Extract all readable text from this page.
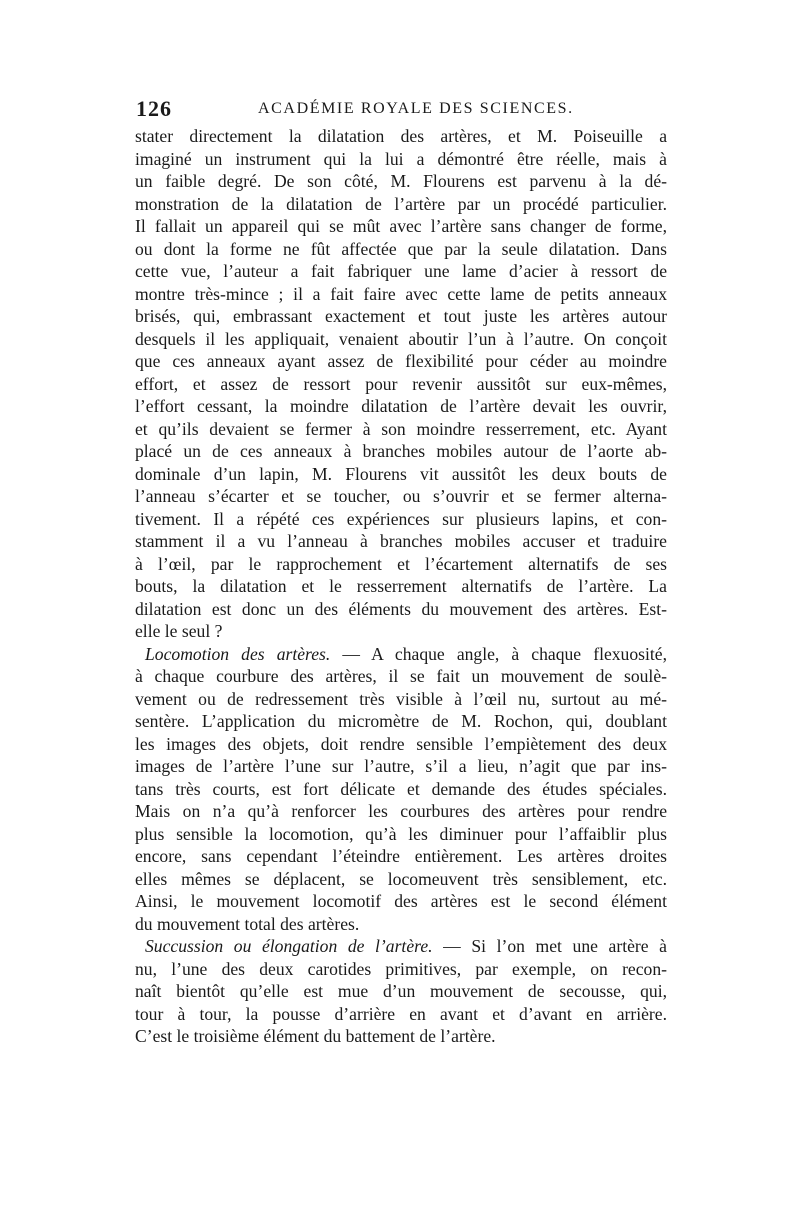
126	ACADÉMIE ROYALE DES SCIENCES.
stater directement la dilatation des artères, et M. Poiseuille a
imaginé un instrument qui la lui a démontré être réelle, mais à
un faible degré. De son côté, M. Flourens est parvenu à la dé-
monstration de la dilatation de l’artère par un procédé particulier.
Il fallait un appareil qui se mût avec l’artère sans changer de forme,
ou dont la forme ne fût affectée que par la seule dilatation. Dans
cette vue, l’auteur a fait fabriquer une lame d’acier à ressort de
montre très-mince ; il a fait faire avec cette lame de petits anneaux
brisés, qui, embrassant exactement et tout juste les artères autour
desquels il les appliquait, venaient aboutir l’un à l’autre. On conçoit
que ces anneaux ayant assez de flexibilité pour céder au moindre
effort, et assez de ressort pour revenir aussitôt sur eux-mêmes,
l’effort cessant, la moindre dilatation de l’artère devait les ouvrir,
et qu’ils devaient se fermer à son moindre resserrement, etc. Ayant
placé un de ces anneaux à branches mobiles autour de l’aorte ab-
dominale d’un lapin, M. Flourens vit aussitôt les deux bouts de
l’anneau s’écarter et se toucher, ou s’ouvrir et se fermer alterna-
tivement. Il a répété ces expériences sur plusieurs lapins, et con-
stamment il a vu l’anneau à branches mobiles accuser et traduire
à l’œil, par le rapprochement et l’écartement alternatifs de ses
bouts, la dilatation et le resserrement alternatifs de l’artère. La
dilatation est donc un des éléments du mouvement des artères. Est-
elle le seul ?
Locomotion des artères. — A chaque angle, à chaque flexuosité,
à chaque courbure des artères, il se fait un mouvement de soulè-
vement ou de redressement très visible à l’œil nu, surtout au mé-
sentère. L’application du micromètre de M. Rochon, qui, doublant
les images des objets, doit rendre sensible l’empiètement des deux
images de l’artère l’une sur l’autre, s’il a lieu, n’agit que par ins-
tans très courts, est fort délicate et demande des études spéciales.
Mais on n’a qu’à renforcer les courbures des artères pour rendre
plus sensible la locomotion, qu’à les diminuer pour l’affaiblir plus
encore, sans cependant l’éteindre entièrement. Les artères droites
elles mêmes se déplacent, se locomeuvent très sensiblement, etc.
Ainsi, le mouvement locomotif des artères est le second élément
du mouvement total des artères.
Succussion ou élongation de l’artère. — Si l’on met une artère à
nu, l’une des deux carotides primitives, par exemple, on recon-
naît bientôt qu’elle est mue d’un mouvement de secousse, qui,
tour à tour, la pousse d’arrière en avant et d’avant en arrière.
C’est le troisième élément du battement de l’artère.
